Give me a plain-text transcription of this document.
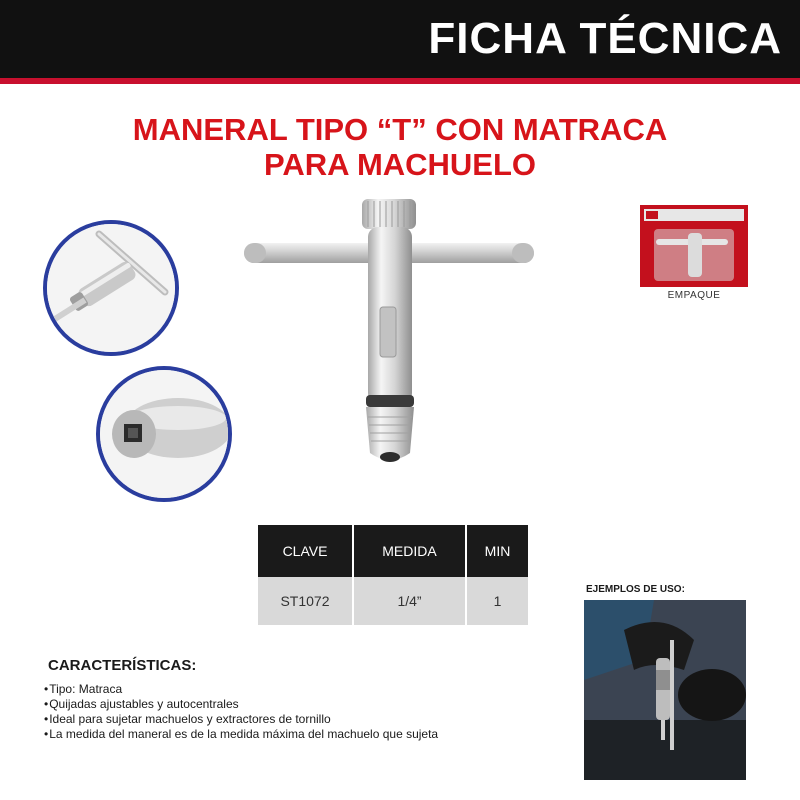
FICHA TÉCNICA
MANERAL TIPO “T” CON MATRACA
PARA MACHUELO
EMPAQUE
CLAVE	MEDIDA	MIN
ST1072	1/4”	1
EJEMPLOS DE USO:
CARACTERÍSTICAS:
• Tipo: Matraca
• Quijadas ajustables y autocentrales
• Ideal para sujetar machuelos y extractores de tornillo
• La medida del maneral es de la medida máxima del machuelo que sujeta
